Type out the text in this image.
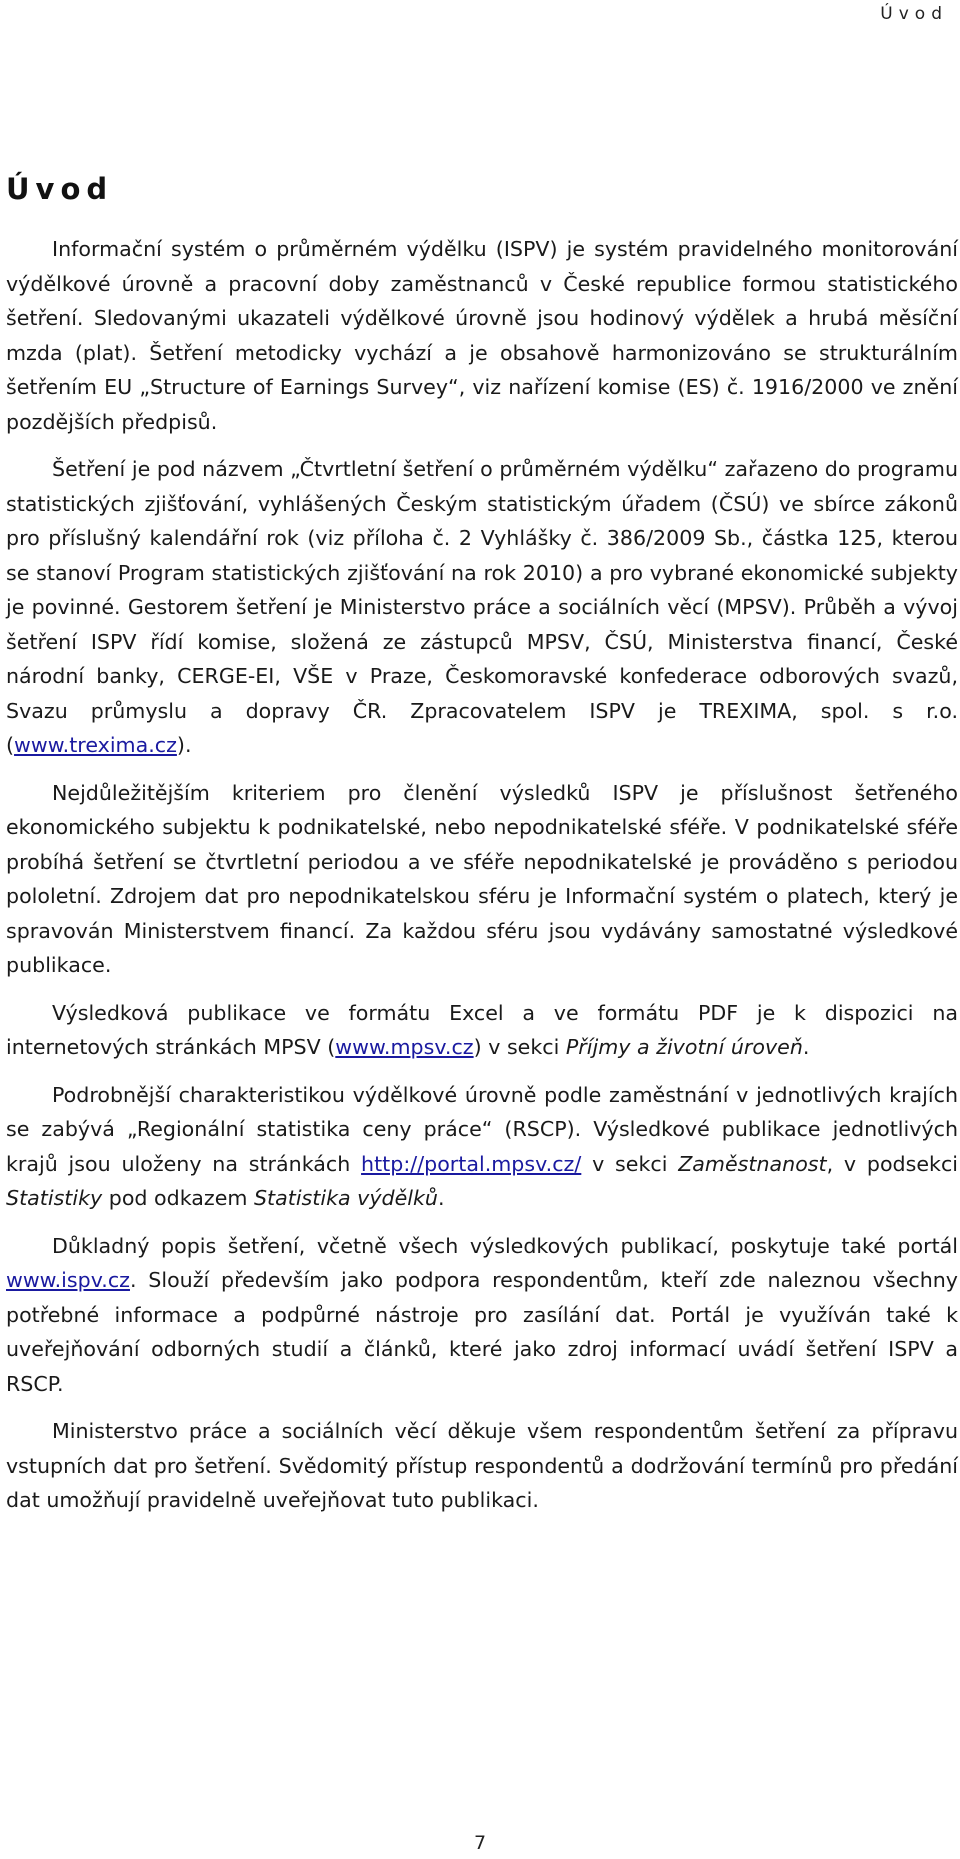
Úvod
Úvod

Informační systém o průměrném výdělku (ISPV) je systém pravidelného monitorování výdělkové úrovně a pracovní doby zaměstnanců v České republice formou statistického šetření. Sledovanými ukazateli výdělkové úrovně jsou hodinový výdělek a hrubá měsíční mzda (plat). Šetření metodicky vychází a je obsahově harmonizováno se strukturálním šetřením EU „Structure of Earnings Survey“, viz nařízení komise (ES) č. 1916/2000 ve znění pozdějších předpisů.

Šetření je pod názvem „Čtvrtletní šetření o průměrném výdělku“ zařazeno do programu statistických zjišťování, vyhlášených Českým statistickým úřadem (ČSÚ) ve sbírce zákonů pro příslušný kalendářní rok (viz příloha č. 2 Vyhlášky č. 386/2009 Sb., částka 125, kterou se stanoví Program statistických zjišťování na rok 2010) a pro vybrané ekonomické subjekty je povinné. Gestorem šetření je Ministerstvo práce a sociálních věcí (MPSV). Průběh a vývoj šetření ISPV řídí komise, složená ze zástupců MPSV, ČSÚ, Ministerstva financí, České národní banky, CERGE-EI, VŠE v Praze, Českomoravské konfederace odborových svazů, Svazu průmyslu a dopravy ČR. Zpracovatelem ISPV je TREXIMA, spol. s r.o. (www.trexima.cz).

Nejdůležitějším kriteriem pro členění výsledků ISPV je příslušnost šetřeného ekonomického subjektu k podnikatelské, nebo nepodnikatelské sféře. V podnikatelské sféře probíhá šetření se čtvrtletní periodou a ve sféře nepodnikatelské je prováděno s periodou pololetní. Zdrojem dat pro nepodnikatelskou sféru je Informační systém o platech, který je spravován Ministerstvem financí. Za každou sféru jsou vydávány samostatné výsledkové publikace.

Výsledková publikace ve formátu Excel a ve formátu PDF je k dispozici na internetových stránkách MPSV (www.mpsv.cz) v sekci Příjmy a životní úroveň.

Podrobnější charakteristikou výdělkové úrovně podle zaměstnání v jednotlivých krajích se zabývá „Regionální statistika ceny práce“ (RSCP). Výsledkové publikace jednotlivých krajů jsou uloženy na stránkách http://portal.mpsv.cz/ v sekci Zaměstnanost, v podsekci Statistiky pod odkazem Statistika výdělků.

Důkladný popis šetření, včetně všech výsledkových publikací, poskytuje také portál www.ispv.cz. Slouží především jako podpora respondentům, kteří zde naleznou všechny potřebné informace a podpůrné nástroje pro zasílání dat. Portál je využíván také k uveřejňování odborných studií a článků, které jako zdroj informací uvádí šetření ISPV a RSCP.

Ministerstvo práce a sociálních věcí děkuje všem respondentům šetření za přípravu vstupních dat pro šetření. Svědomitý přístup respondentů a dodržování termínů pro předání dat umožňují pravidelně uveřejňovat tuto publikaci.

7
